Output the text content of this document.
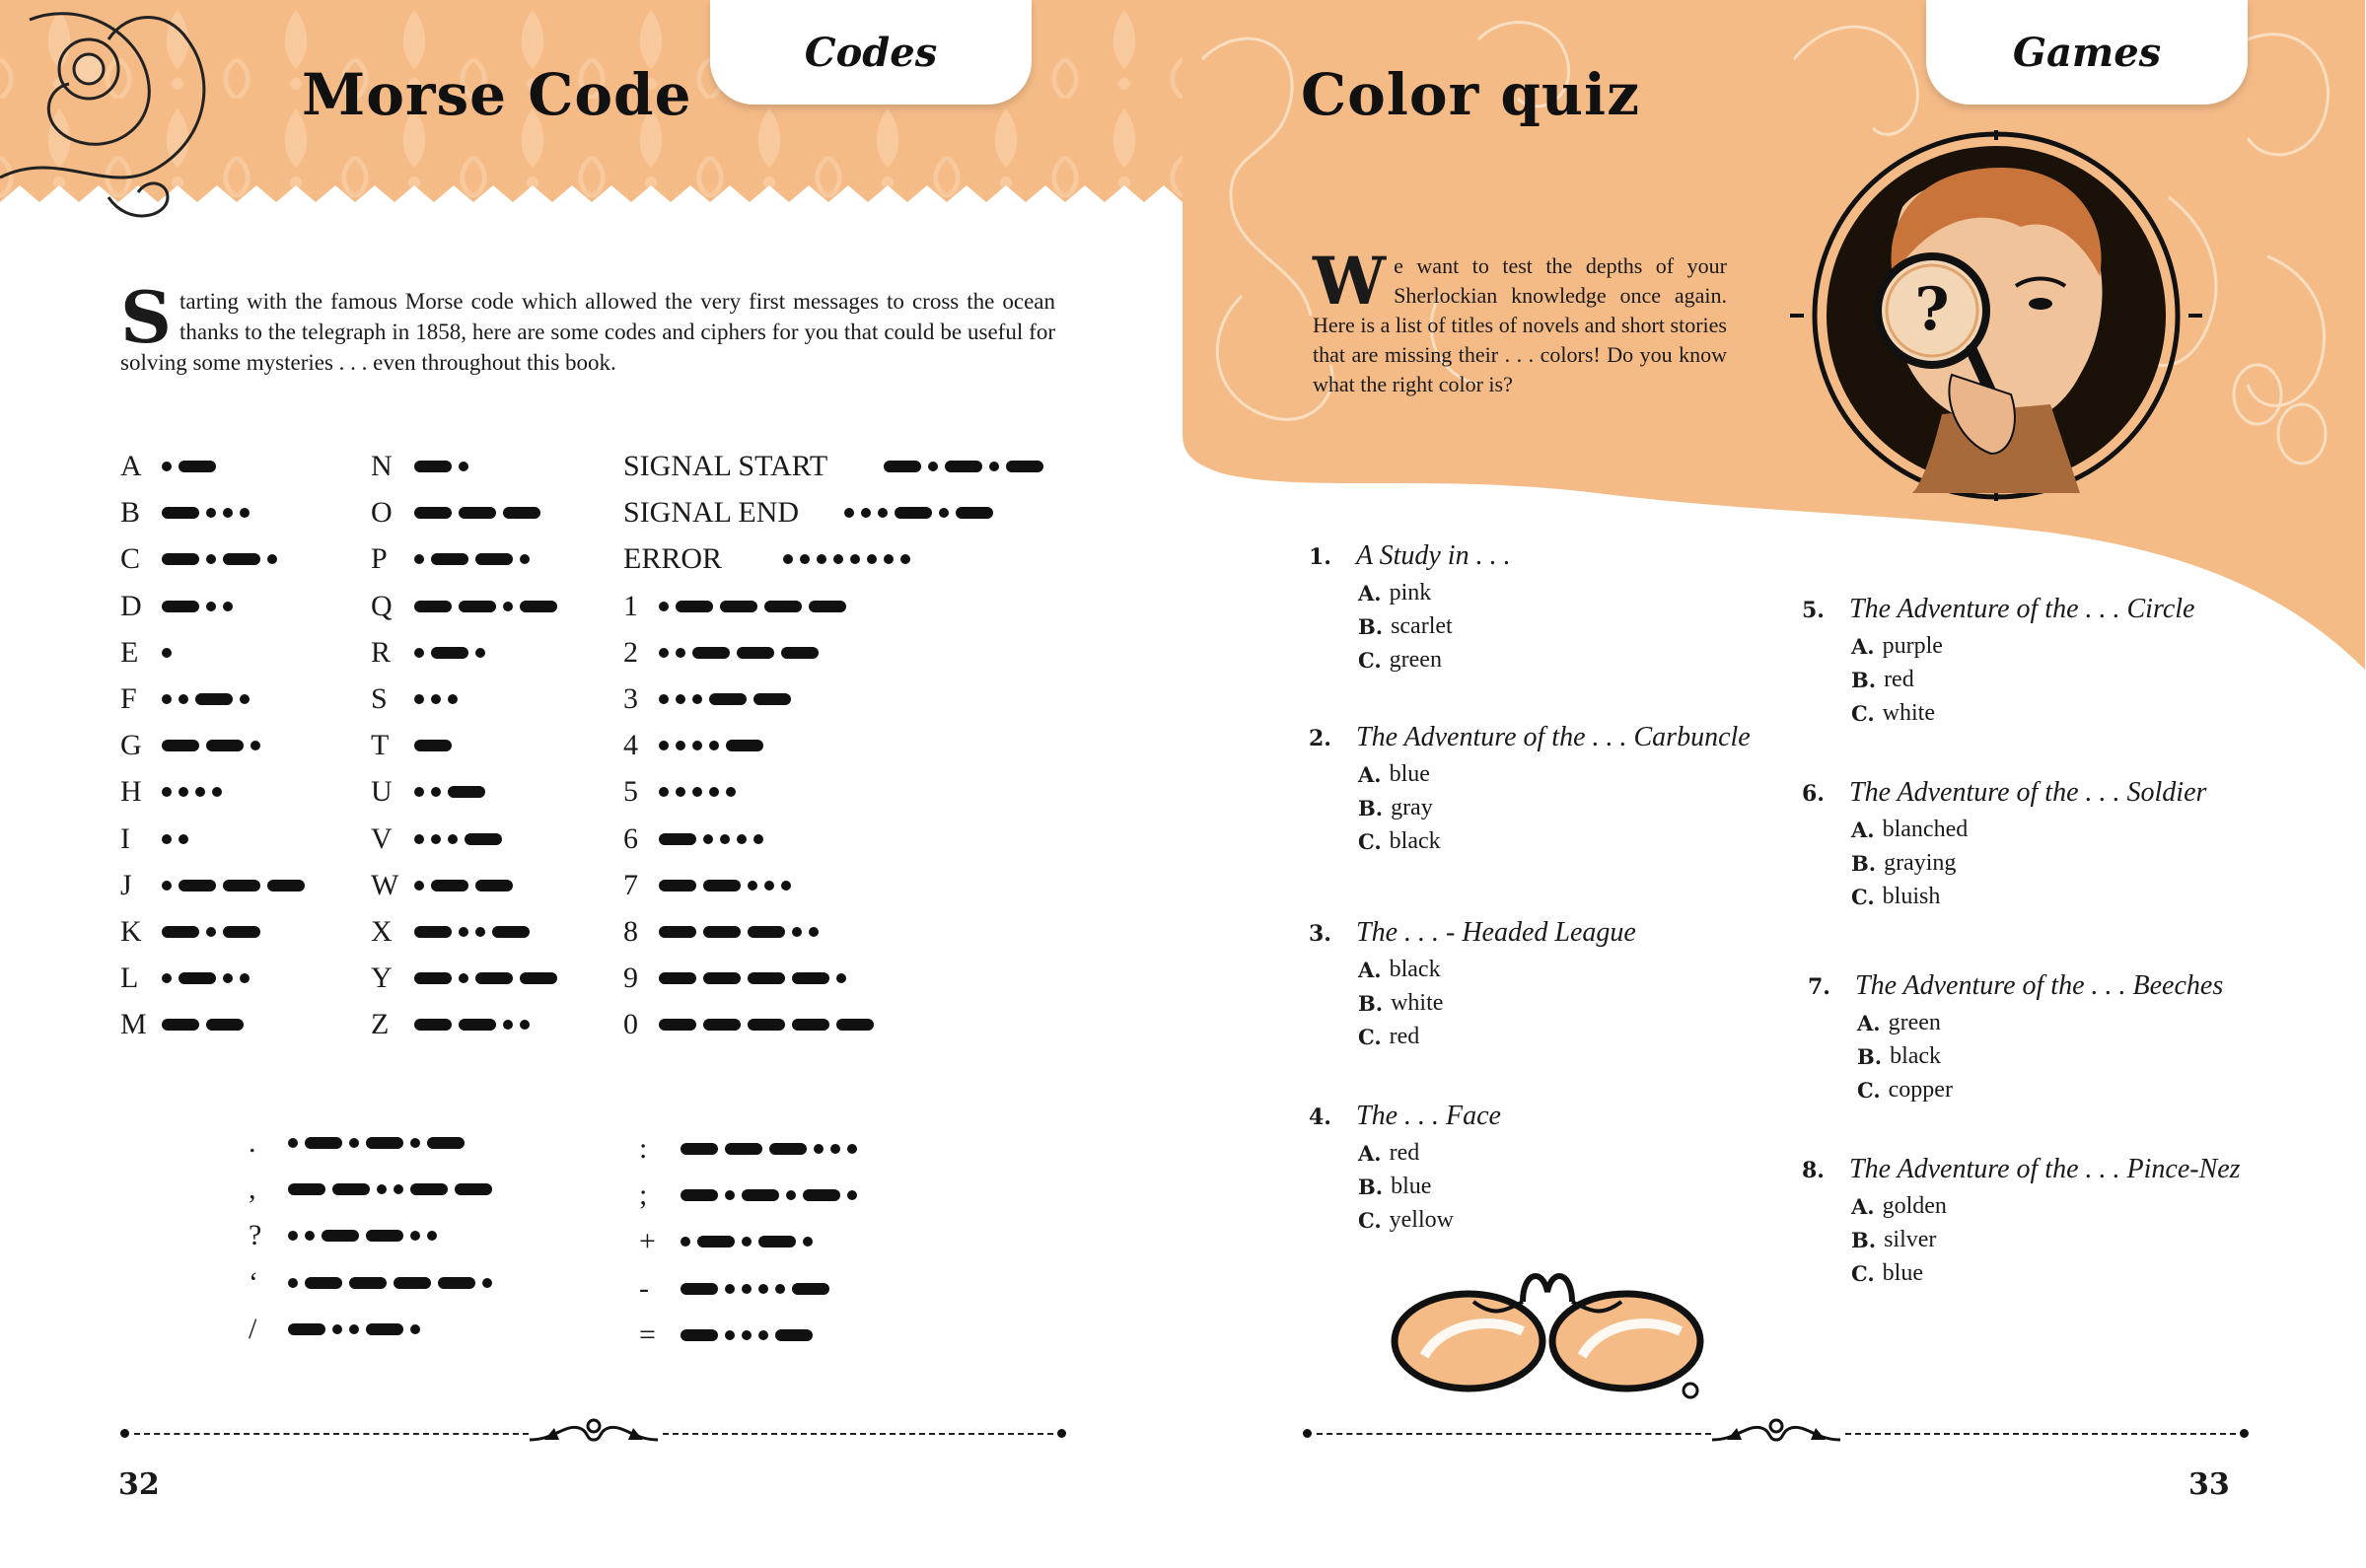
Codes
Morse Code

Starting with the famous Morse code which allowed the very first messages to cross the ocean thanks to the telegraph in 1858, here are some codes and ciphers for you that could be useful for solving some mysteries . . . even throughout this book.

A
B
C
D
E
F
G
H
I
J
K
L
M
N
O
P
Q
R
S
T
U
V
W
X
Y
Z
SIGNAL START
SIGNAL END
ERROR
1
2
3
4
5
6
7
8
9
0
.
,
?
‘
/
:
;
+
-
=

32

Games
Color quiz

We want to test the depths of your Sherlockian knowledge once again. Here is a list of titles of novels and short stories that are missing their . . . colors! Do you know what the right color is?

?
1. A Study in . . .
A. pink
B. scarlet
C. green
2. The Adventure of the . . . Carbuncle
A. blue
B. gray
C. black
3. The . . . - Headed League
A. black
B. white
C. red
4. The . . . Face
A. red
B. blue
C. yellow
5. The Adventure of the . . . Circle
A. purple
B. red
C. white
6. The Adventure of the . . . Soldier
A. blanched
B. graying
C. bluish
7. The Adventure of the . . . Beeches
A. green
B. black
C. copper
8. The Adventure of the . . . Pince-Nez
A. golden
B. silver
C. blue

33
